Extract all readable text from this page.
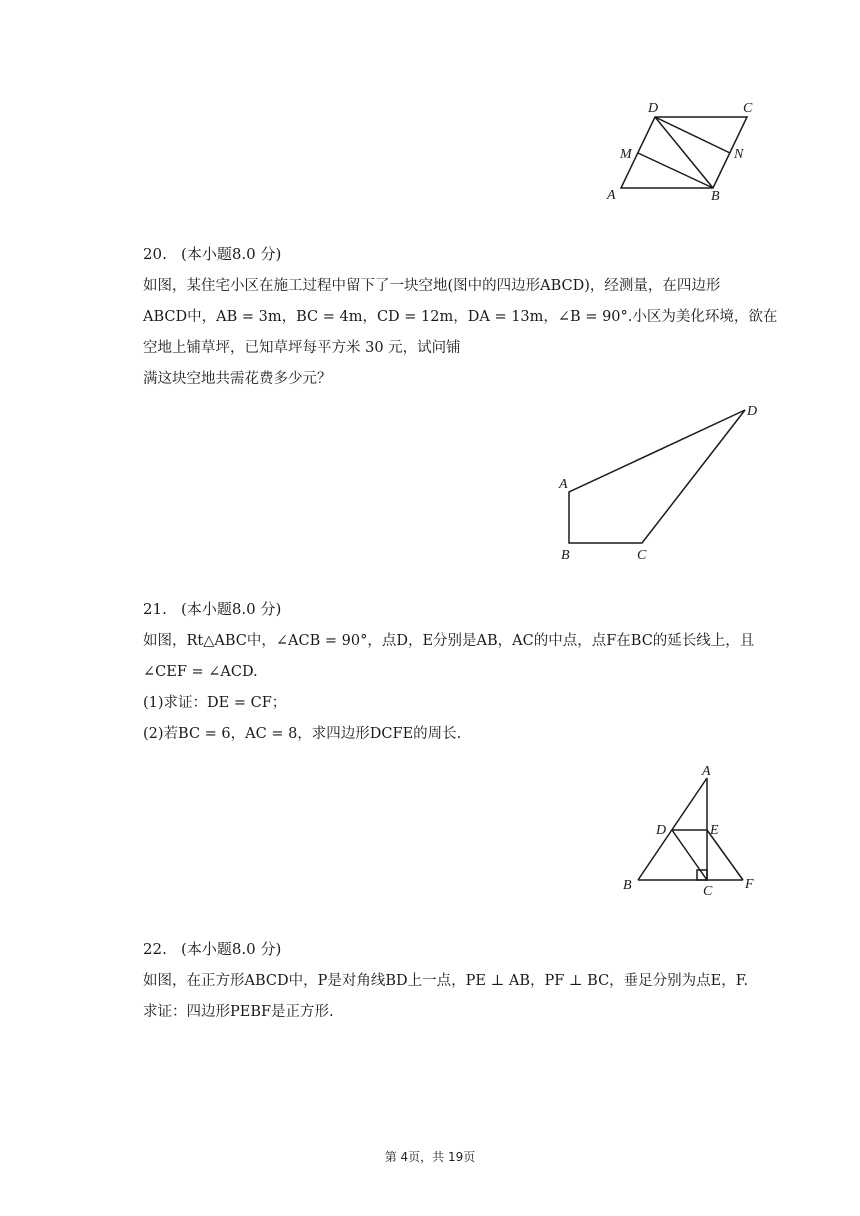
D	C
M	N
A	B

20. (本小题8.0 分)

如图，某住宅小区在施工过程中留下了一块空地(图中的四边形ABCD)，经测量，在四边形

ABCD中，AB = 3m，BC = 4m，CD = 12m，DA = 13m，∠B = 90°.小区为美化环境，欲在

空地上铺草坪，已知草坪每平方米 30 元，试问铺

满这块空地共需花费多少元？

D
A
B	C

21. (本小题8.0 分)

如图，Rt△ABC中，∠ACB = 90°，点D，E分别是AB，AC的中点，点F在BC的延长线上，且

∠CEF = ∠ACD.

(1)求证：DE = CF；

(2)若BC = 6，AC = 8，求四边形DCFE的周长.

A
D	E
B	C F

22. (本小题8.0 分)

如图，在正方形ABCD中，P是对角线BD上一点，PE ⊥ AB，PF ⊥ BC，垂足分别为点E，F.

求证：四边形PEBF是正方形.

第 4页，共 19页
